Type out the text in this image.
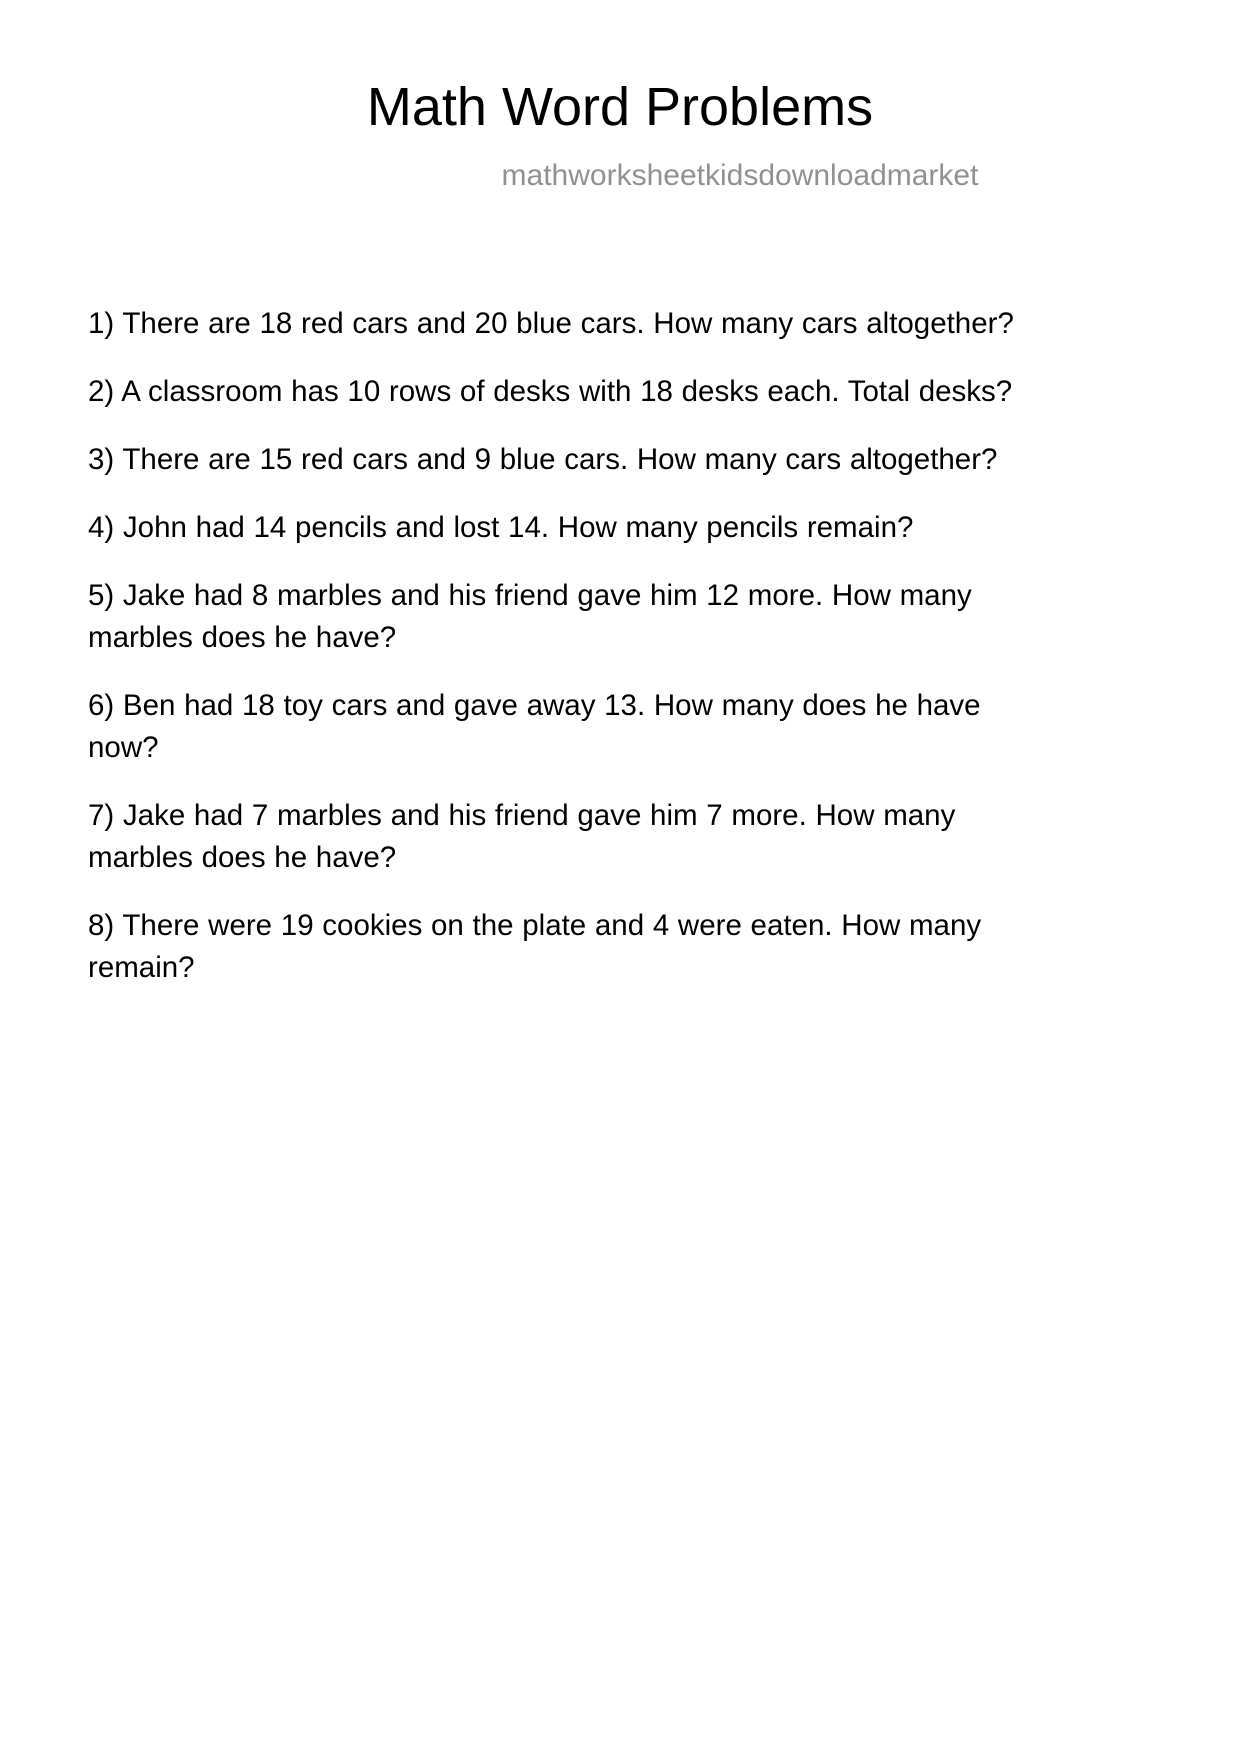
Math Word Problems
mathworksheetkidsdownloadmarket
1) There are 18 red cars and 20 blue cars. How many cars altogether?
2) A classroom has 10 rows of desks with 18 desks each. Total desks?
3) There are 15 red cars and 9 blue cars. How many cars altogether?
4) John had 14 pencils and lost 14. How many pencils remain?
5) Jake had 8 marbles and his friend gave him 12 more. How many marbles does he have?
6) Ben had 18 toy cars and gave away 13. How many does he have now?
7) Jake had 7 marbles and his friend gave him 7 more. How many marbles does he have?
8) There were 19 cookies on the plate and 4 were eaten. How many remain?
